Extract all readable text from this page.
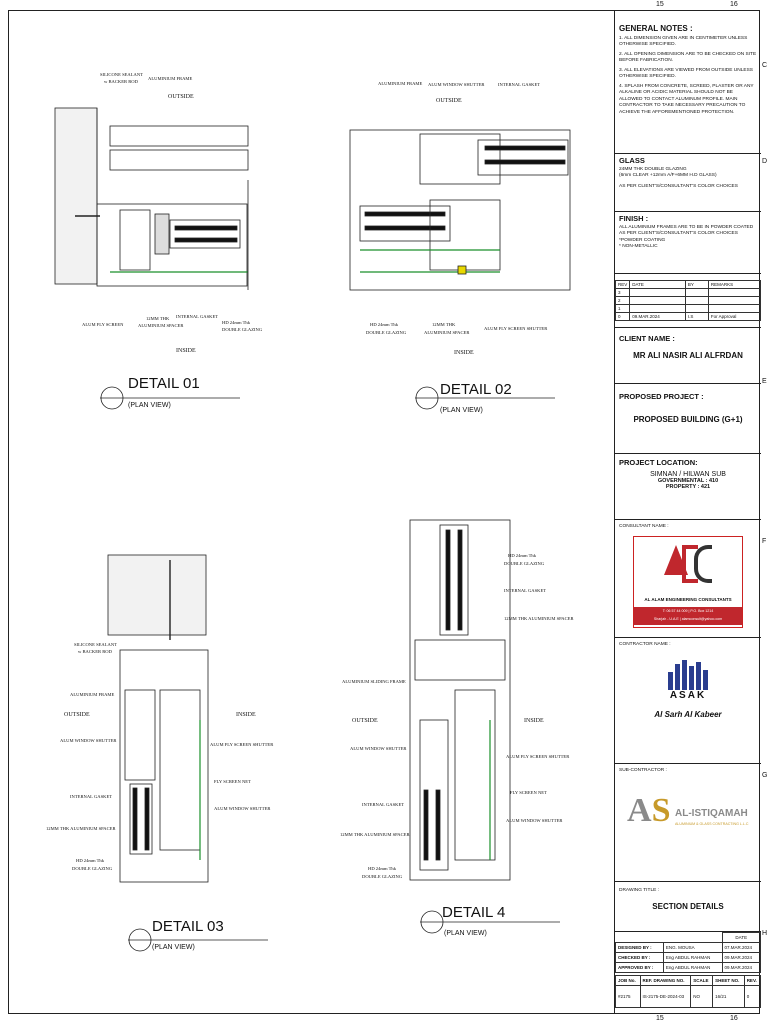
15	16
15	16
C
D
E
F
G
H
DETAIL 01
(PLAN VIEW)
DETAIL 02
(PLAN VIEW)
DETAIL 03
(PLAN VIEW)
DETAIL 4
(PLAN VIEW)
SILICONE SEALANT
w BACKER ROD
ALUMINIUM FRAME
OUTSIDE
ALUM FLY SCREEN
12MM THK
ALUMINIUM SPACER
INTERNAL GASKET
HD 24mm Thk
DOUBLE GLAZING
INSIDE
ALUMINIUM FRAME ALUM WINDOW SHUTTER	INTERNAL GASKET
OUTSIDE
HD 24mm Thk
DOUBLE GLAZING
12MM THK
ALUMINIUM SPACER
ALUM FLY SCREEN SHUTTER
INSIDE
SILICONE SEALANT
w BACKER ROD
ALUMINIUM FRAME
OUTSIDE	INSIDE
ALUM WINDOW SHUTTER
ALUM FLY SCREEN SHUTTER
FLY SCREEN NET
INTERNAL GASKET
ALUM WINDOW SHUTTER
12MM THK ALUMINIUM SPACER
HD 24mm Thk
DOUBLE GLAZING
HD 24mm Thk
DOUBLE GLAZING
INTERNAL GASKET
12MM THK ALUMINIUM SPACER
ALUMINIUM SLIDING FRAME
OUTSIDE	INSIDE
ALUM WINDOW SHUTTER
ALUM FLY SCREEN SHUTTER
FLY SCREEN NET
INTERNAL GASKET
ALUM WINDOW SHUTTER
12MM THK ALUMINIUM SPACER
HD 24mm Thk
DOUBLE GLAZING
GENERAL NOTES :
1. ALL DIMENSION GIVEN ARE IN CENTIMETER UNLESS OTHERWISE SPECIFIED.
2. ALL OPENING DIMENSION ARE TO BE CHECKED ON SITE BEFORE FABRICATION.
3. ALL ELEVATIONS ARE VIEWED FROM OUTSIDE UNLESS OTHERWISE SPECIFIED.
4. SPLASH FROM CONCRETE, SCREED, PLASTER OR ANY ALKALINE OR ACIDIC MATERIAL SHOULD NOT BE ALLOWED TO CONTACT ALUMINUM PROFILE. MAIN CONTRACTOR TO TAKE NECESSARY PRECAUTION TO ACHIEVE THE AFFOREMENTIONED PROTECTION.
GLASS
24MM THK DOUBLE GLAZING
(6mm CLEAR +12mm A/F+6MM H.D GLASS)
AS PER CLIENT'S/CONSULTANT'S COLOR CHOICES
FINISH :
ALL ALUMINIUM FRAMES ARE TO BE IN POWDER COATED
AS PER CLIENT'S/CONSULTANT'S COLOR CHOICES
*POWDER COATING
* NON-METALLIC
REV	DATE	BY	REMARKS
3			
2			
1			
0	09.MAR.2024	I.S	For Approval
CLIENT NAME :
MR ALI NASIR ALI ALFRDAN
PROPOSED PROJECT :
PROPOSED BUILDING (G+1)
PROJECT LOCATION:
SIMNAN / HILWAN SUB
GOVERNMENTAL : 410
PROPERTY : 421
CONSULTANT NAME :
AL ALAM ENGINEERING CONSULTANTS
T: 06 57 44 009 | P.O. Box 1214
Sharjah - U.A.E | alamconsult@yahoo.com
CONTRACTOR NAME :
ASAK
Al Sarh Al Kabeer
SUB-CONTRACTOR :
AS AL-ISTIQAMAH
ALUMINIUM & GLASS CONTRACTING L.L.C
DRAWING TITLE :
SECTION DETAILS
		DATE
DESIGNED BY :	ENG. MOUSA	07.MAR.2024
CHECKED BY :	Eng ABDUL RAHMAN	09.MAR.2024
APPROVED BY :	Eng ABDUL RAHMAN	09.MAR.2024
JOB No.	REF. DRAWING NO.	SCALE	SHEET NO.	REV.
#2175	IS-2175-DE-2024-03	NO	16/21	0
